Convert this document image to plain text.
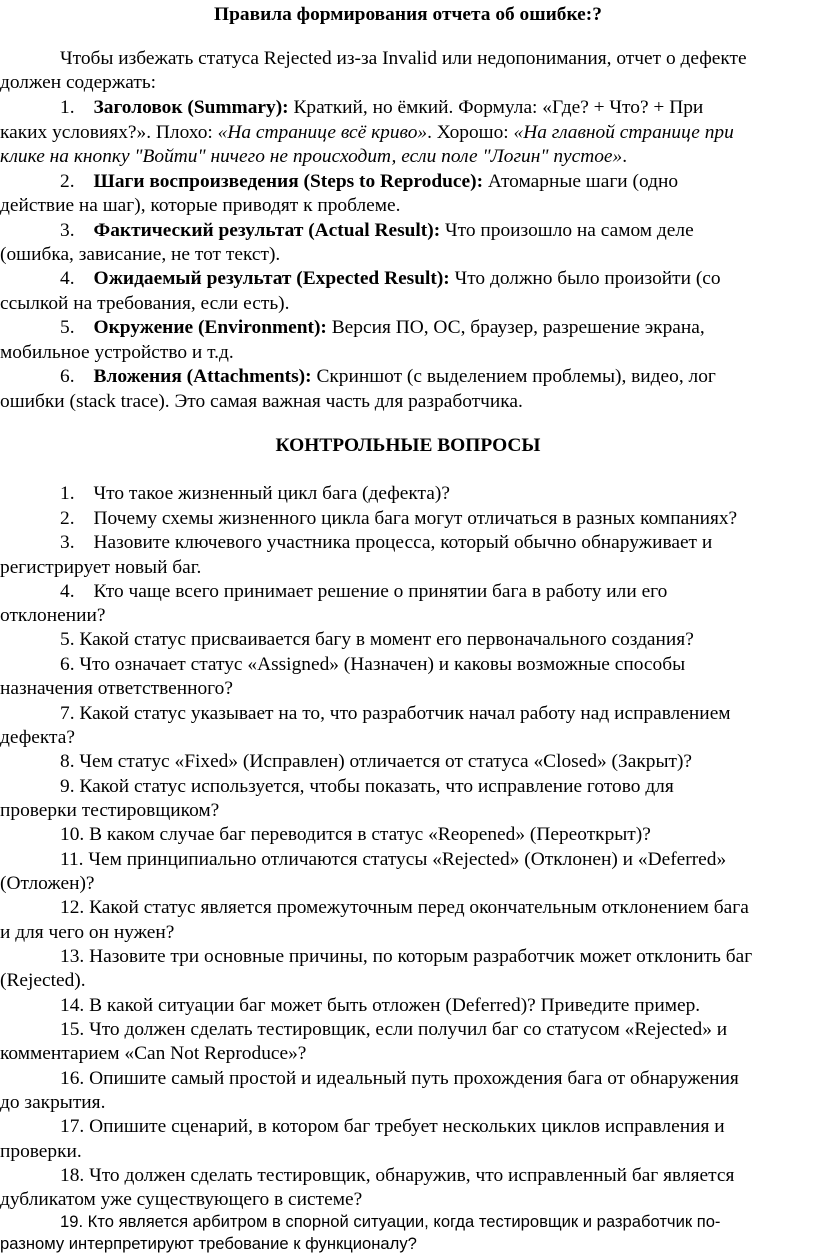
Правила формирования отчета об ошибке:?
Чтобы избежать статуса Rejected из-за Invalid или недопонимания, отчет о дефекте
должен содержать:
1. Заголовок (Summary): Краткий, но ёмкий. Формула: «Где? + Что? + При
каких условиях?». Плохо: «На странице всё криво». Хорошо: «На главной странице при
клике на кнопку "Войти" ничего не происходит, если поле "Логин" пустое».
2. Шаги воспроизведения (Steps to Reproduce): Атомарные шаги (одно
действие на шаг), которые приводят к проблеме.
3. Фактический результат (Actual Result): Что произошло на самом деле
(ошибка, зависание, не тот текст).
4. Ожидаемый результат (Expected Result): Что должно было произойти (со
ссылкой на требования, если есть).
5. Окружение (Environment): Версия ПО, ОС, браузер, разрешение экрана,
мобильное устройство и т.д.
6. Вложения (Attachments): Скриншот (с выделением проблемы), видео, лог
ошибки (stack trace). Это самая важная часть для разработчика.
КОНТРОЛЬНЫЕ ВОПРОСЫ
1. Что такое жизненный цикл бага (дефекта)?
2. Почему схемы жизненного цикла бага могут отличаться в разных компаниях?
3. Назовите ключевого участника процесса, который обычно обнаруживает и
регистрирует новый баг.
4. Кто чаще всего принимает решение о принятии бага в работу или его
отклонении?
5. Какой статус присваивается багу в момент его первоначального создания?
6. Что означает статус «Assigned» (Назначен) и каковы возможные способы
назначения ответственного?
7. Какой статус указывает на то, что разработчик начал работу над исправлением
дефекта?
8. Чем статус «Fixed» (Исправлен) отличается от статуса «Closed» (Закрыт)?
9. Какой статус используется, чтобы показать, что исправление готово для
проверки тестировщиком?
10. В каком случае баг переводится в статус «Reopened» (Переоткрыт)?
11. Чем принципиально отличаются статусы «Rejected» (Отклонен) и «Deferred»
(Отложен)?
12. Какой статус является промежуточным перед окончательным отклонением бага
и для чего он нужен?
13. Назовите три основные причины, по которым разработчик может отклонить баг
(Rejected).
14. В какой ситуации баг может быть отложен (Deferred)? Приведите пример.
15. Что должен сделать тестировщик, если получил баг со статусом «Rejected» и
комментарием «Can Not Reproduce»?
16. Опишите самый простой и идеальный путь прохождения бага от обнаружения
до закрытия.
17. Опишите сценарий, в котором баг требует нескольких циклов исправления и
проверки.
18. Что должен сделать тестировщик, обнаружив, что исправленный баг является
дубликатом уже существующего в системе?
19. Кто является арбитром в спорной ситуации, когда тестировщик и разработчик по-
разному интерпретируют требование к функционалу?
